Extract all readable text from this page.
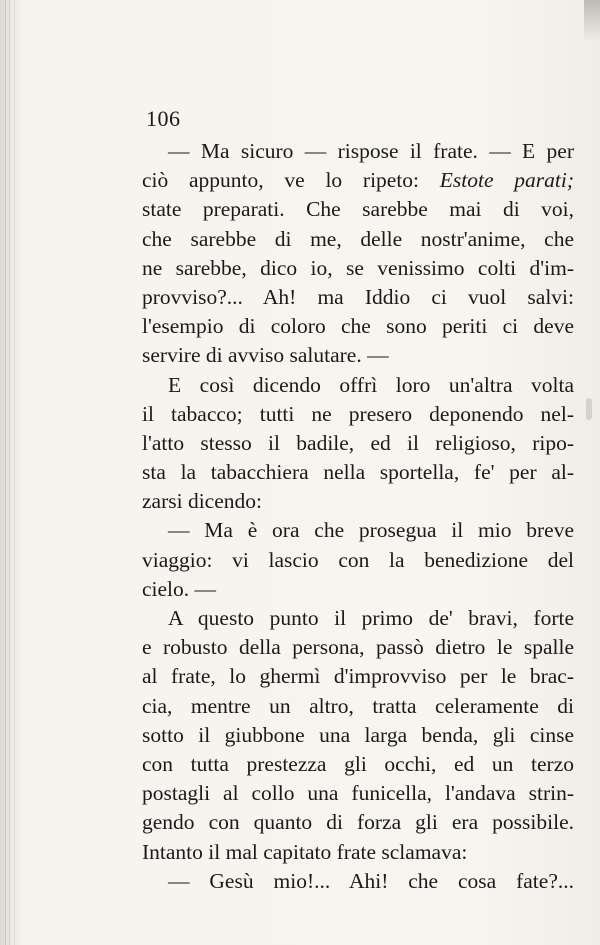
106
— Ma sicuro — rispose il frate. — E per
ciò appunto, ve lo ripeto: Estote parati;
state preparati. Che sarebbe mai di voi,
che sarebbe di me, delle nostr'anime, che
ne sarebbe, dico io, se venissimo colti d'im-
provviso?... Ah! ma Iddio ci vuol salvi:
l'esempio di coloro che sono periti ci deve
servire di avviso salutare. —
E così dicendo offrì loro un'altra volta
il tabacco; tutti ne presero deponendo nel-
l'atto stesso il badile, ed il religioso, ripo-
sta la tabacchiera nella sportella, fe' per al-
zarsi dicendo:
— Ma è ora che prosegua il mio breve
viaggio: vi lascio con la benedizione del
cielo. —
A questo punto il primo de' bravi, forte
e robusto della persona, passò dietro le spalle
al frate, lo ghermì d'improvviso per le brac-
cia, mentre un altro, tratta celeramente di
sotto il giubbone una larga benda, gli cinse
con tutta prestezza gli occhi, ed un terzo
postagli al collo una funicella, l'andava strin-
gendo con quanto di forza gli era possibile.
Intanto il mal capitato frate sclamava:
— Gesù mio!... Ahi! che cosa fate?...
